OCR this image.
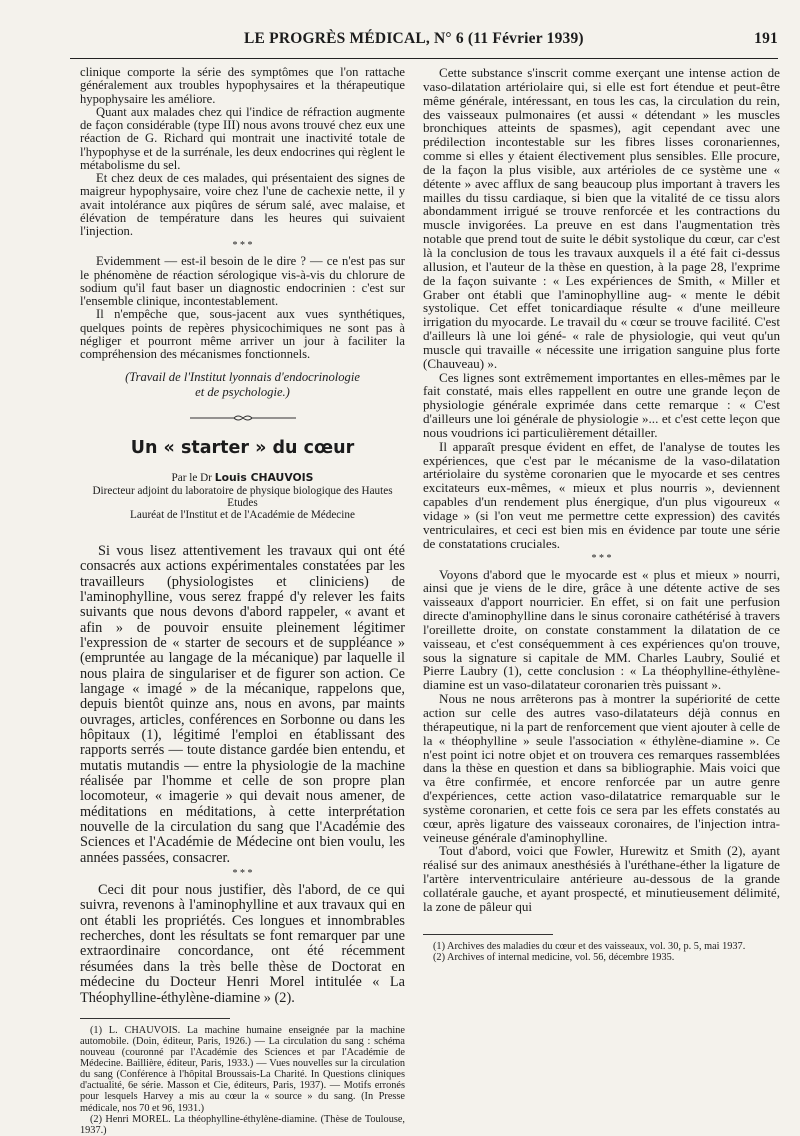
LE PROGRÈS MÉDICAL, N° 6 (11 Février 1939)	191

clinique comporte la série des symptômes que l'on rattache généralement aux troubles hypophysaires et la thérapeutique hypophysaire les améliore.

Quant aux malades chez qui l'indice de réfraction augmente de façon considérable (type III) nous avons trouvé chez eux une réaction de G. Richard qui montrait une inactivité totale de l'hypophyse et de la surrénale, les deux endocrines qui règlent le métabolisme du sel.

Et chez deux de ces malades, qui présentaient des signes de maigreur hypophysaire, voire chez l'une de cachexie nette, il y avait intolérance aux piqûres de sérum salé, avec malaise, et élévation de température dans les heures qui suivaient l'injection.

* * *

Evidemment — est-il besoin de le dire ? — ce n'est pas sur le phénomène de réaction sérologique vis-à-vis du chlorure de sodium qu'il faut baser un diagnostic endocrinien : c'est sur l'ensemble clinique, incontestablement.

Il n'empêche que, sous-jacent aux vues synthétiques, quelques points de repères physicochimiques ne sont pas à négliger et pourront même arriver un jour à faciliter la compréhension des mécanismes fonctionnels.

(Travail de l'Institut lyonnais d'endocrinologie
et de psychologie.)
Un « starter » du cœur
Par le Dr Louis CHAUVOIS
Directeur adjoint du laboratoire de physique biologique des Hautes Etudes
Lauréat de l'Institut et de l'Académie de Médecine

Si vous lisez attentivement les travaux qui ont été consacrés aux actions expérimentales constatées par les travailleurs (physiologistes et cliniciens) de l'aminophylline, vous serez frappé d'y relever les faits suivants que nous devons d'abord rappeler, « avant et afin » de pouvoir ensuite pleinement légitimer l'expression de « starter de secours et de suppléance » (empruntée au langage de la mécanique) par laquelle il nous plaira de singulariser et de figurer son action. Ce langage « imagé » de la mécanique, rappelons que, depuis bientôt quinze ans, nous en avons, par maints ouvrages, articles, conférences en Sorbonne ou dans les hôpitaux (1), légitimé l'emploi en établissant des rapports serrés — toute distance gardée bien entendu, et mutatis mutandis — entre la physiologie de la machine réalisée par l'homme et celle de son propre plan locomoteur, « imagerie » qui devait nous amener, de méditations en méditations, à cette interprétation nouvelle de la circulation du sang que l'Académie des Sciences et l'Académie de Médecine ont bien voulu, les années passées, consacrer.

* * *

Ceci dit pour nous justifier, dès l'abord, de ce qui suivra, revenons à l'aminophylline et aux travaux qui en ont établi les propriétés. Ces longues et innombrables recherches, dont les résultats se font remarquer par une extraordinaire concordance, ont été récemment résumées dans la très belle thèse de Doctorat en médecine du Docteur Henri Morel intitulée « La Théophylline-éthylène-diamine » (2).

(1) L. CHAUVOIS. La machine humaine enseignée par la machine automobile. (Doin, éditeur, Paris, 1926.) — La circulation du sang : schéma nouveau (couronné par l'Académie des Sciences et par l'Académie de Médecine. Baillière, éditeur, Paris, 1933.) — Vues nouvelles sur la circulation du sang (Conférence à l'hôpital Broussais-La Charité. In Questions cliniques d'actualité, 6e série. Masson et Cie, éditeurs, Paris, 1937). — Motifs erronés pour lesquels Harvey a mis au cœur la « source » du sang. (In Presse médicale, nos 70 et 96, 1931.)

(2) Henri MOREL. La théophylline-éthylène-diamine. (Thèse de Toulouse, 1937.)

Cette substance s'inscrit comme exerçant une intense action de vaso-dilatation artériolaire qui, si elle est fort étendue et peut-être même générale, intéressant, en tous les cas, la circulation du rein, des vaisseaux pulmonaires (et aussi « détendant » les muscles bronchiques atteints de spasmes), agit cependant avec une prédilection incontestable sur les fibres lisses coronariennes, comme si elles y étaient électivement plus sensibles. Elle procure, de la façon la plus visible, aux artérioles de ce système une « détente » avec afflux de sang beaucoup plus important à travers les mailles du tissu cardiaque, si bien que la vitalité de ce tissu alors abondamment irrigué se trouve renforcée et les contractions du muscle invigorées. La preuve en est dans l'augmentation très notable que prend tout de suite le débit systolique du cœur, car c'est là la conclusion de tous les travaux auxquels il a été fait ci-dessus allusion, et l'auteur de la thèse en question, à la page 28, l'exprime de la façon suivante : « Les expériences de Smith, « Miller et Graber ont établi que l'aminophylline aug- « mente le débit systolique. Cet effet tonicardiaque résulte « d'une meilleure irrigation du myocarde. Le travail du « cœur se trouve facilité. C'est d'ailleurs là une loi géné- « rale de physiologie, qui veut qu'un muscle qui travaille « nécessite une irrigation sanguine plus forte (Chauveau) ».

Ces lignes sont extrêmement importantes en elles-mêmes par le fait constaté, mais elles rappellent en outre une grande leçon de physiologie générale exprimée dans cette remarque : « C'est d'ailleurs une loi générale de physiologie »... et c'est cette leçon que nous voudrions ici particulièrement détailler.

Il apparaît presque évident en effet, de l'analyse de toutes les expériences, que c'est par le mécanisme de la vaso-dilatation artériolaire du système coronarien que le myocarde et ses centres excitateurs eux-mêmes, « mieux et plus nourris », deviennent capables d'un rendement plus énergique, d'un plus vigoureux « vidage » (si l'on veut me permettre cette expression) des cavités ventriculaires, et ceci est bien mis en évidence par toute une série de constatations cruciales.

* * *

Voyons d'abord que le myocarde est « plus et mieux » nourri, ainsi que je viens de le dire, grâce à une détente active de ses vaisseaux d'apport nourricier. En effet, si on fait une perfusion directe d'aminophylline dans le sinus coronaire cathétérisé à travers l'oreillette droite, on constate constamment la dilatation de ce vaisseau, et c'est conséquemment à ces expériences qu'on trouve, sous la signature si capitale de MM. Charles Laubry, Soulié et Pierre Laubry (1), cette conclusion : « La théophylline-éthylène-diamine est un vaso-dilatateur coronarien très puissant ».

Nous ne nous arrêterons pas à montrer la supériorité de cette action sur celle des autres vaso-dilatateurs déjà connus en thérapeutique, ni la part de renforcement que vient ajouter à celle de la « théophylline » seule l'association « éthylène-diamine ». Ce n'est point ici notre objet et on trouvera ces remarques rassemblées dans la thèse en question et dans sa bibliographie. Mais voici que va être confirmée, et encore renforcée par un autre genre d'expériences, cette action vaso-dilatatrice remarquable sur le système coronarien, et cette fois ce sera par les effets constatés au cœur, après ligature des vaisseaux coronaires, de l'injection intra-veineuse générale d'aminophylline.

Tout d'abord, voici que Fowler, Hurewitz et Smith (2), ayant réalisé sur des animaux anesthésiés à l'uréthane-éther la ligature de l'artère interventriculaire antérieure au-dessous de la grande collatérale gauche, et ayant prospecté, et minutieusement délimité, la zone de pâleur qui

(1) Archives des maladies du cœur et des vaisseaux, vol. 30, p. 5, mai 1937.

(2) Archives of internal medicine, vol. 56, décembre 1935.
